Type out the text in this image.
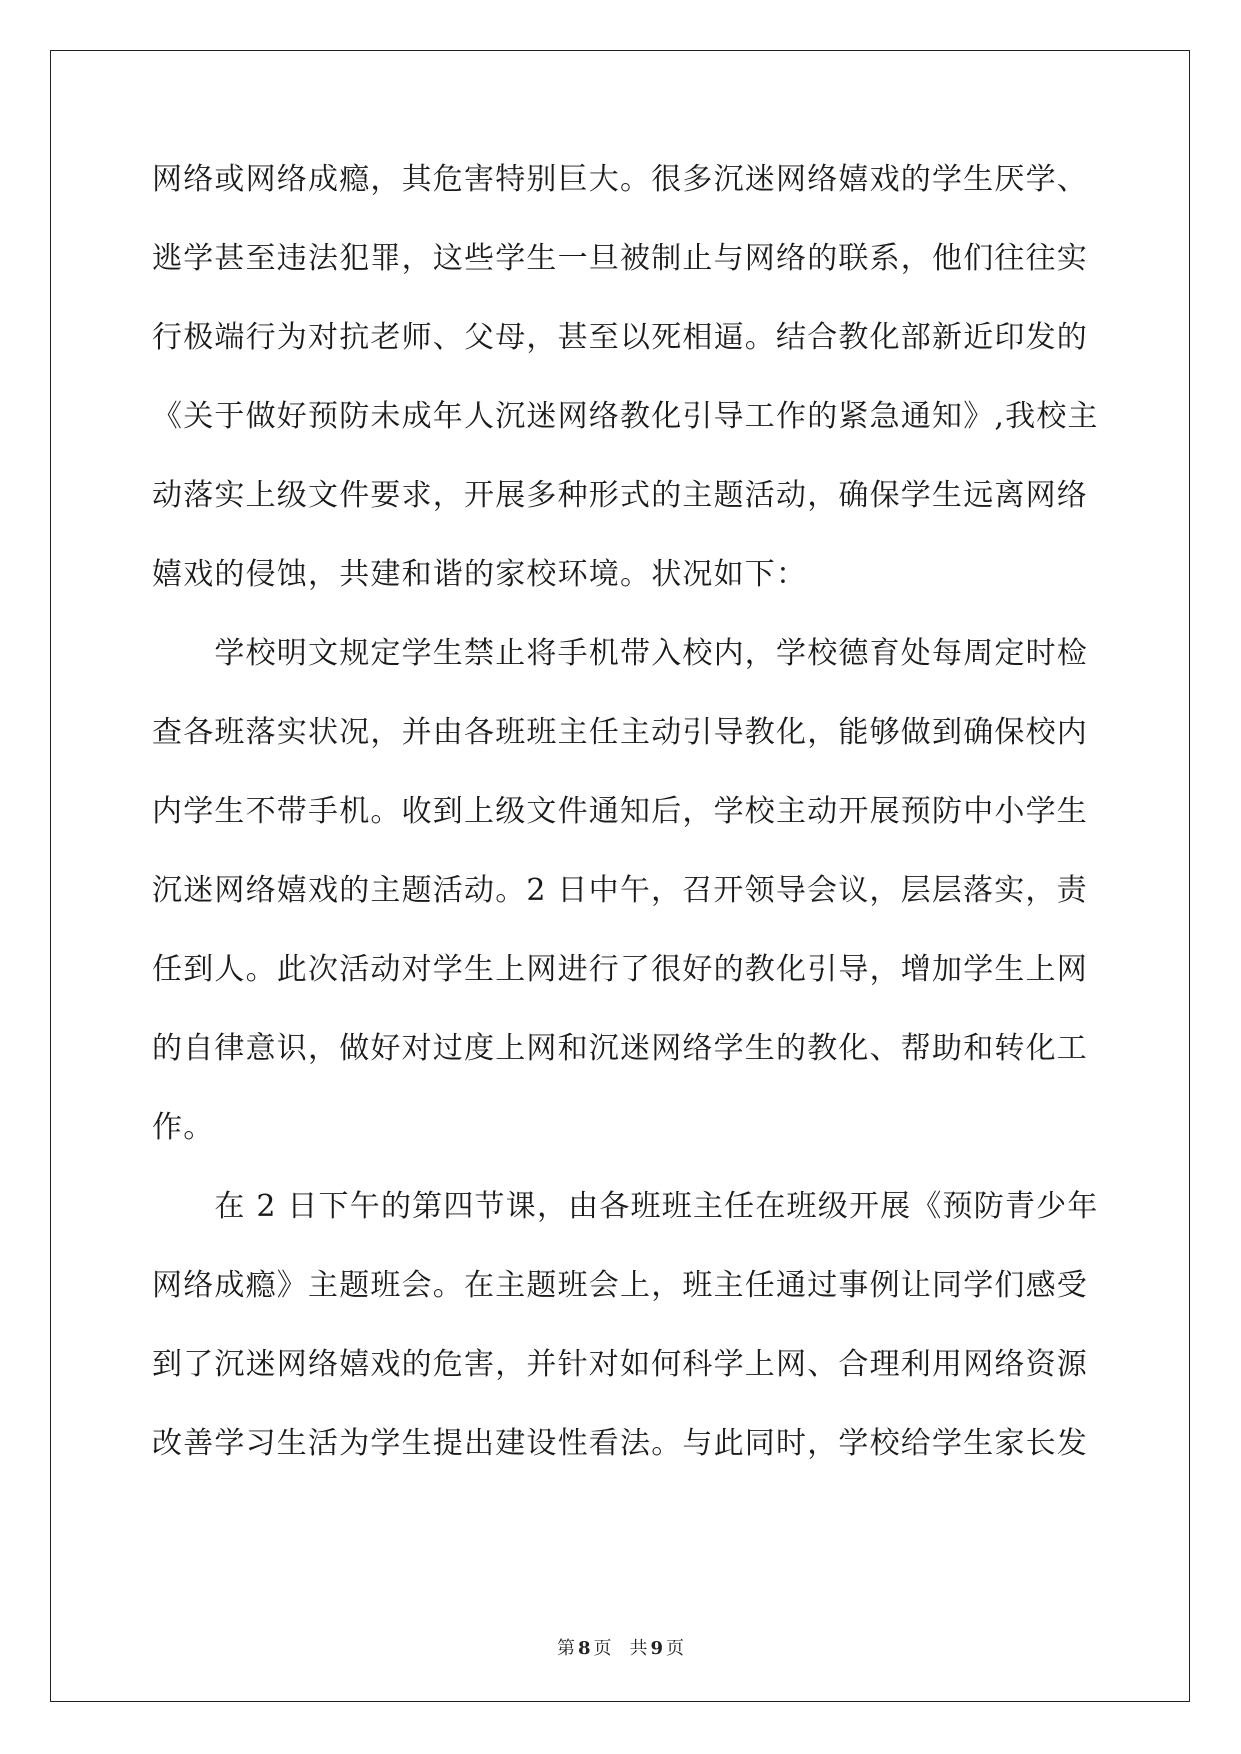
网络或网络成瘾，其危害特别巨大。很多沉迷网络嬉戏的学生厌学、
逃学甚至违法犯罪，这些学生一旦被制止与网络的联系，他们往往实
行极端行为对抗老师、父母，甚至以死相逼。结合教化部新近印发的
《关于做好预防未成年人沉迷网络教化引导工作的紧急通知》,我校主
动落实上级文件要求，开展多种形式的主题活动，确保学生远离网络
嬉戏的侵蚀，共建和谐的家校环境。状况如下：
　　学校明文规定学生禁止将手机带入校内，学校德育处每周定时检
查各班落实状况，并由各班班主任主动引导教化，能够做到确保校内
内学生不带手机。收到上级文件通知后，学校主动开展预防中小学生
沉迷网络嬉戏的主题活动。2 日中午，召开领导会议，层层落实，责
任到人。此次活动对学生上网进行了很好的教化引导，增加学生上网
的自律意识，做好对过度上网和沉迷网络学生的教化、帮助和转化工
作。
　　在 2 日下午的第四节课，由各班班主任在班级开展《预防青少年
网络成瘾》主题班会。在主题班会上，班主任通过事例让同学们感受
到了沉迷网络嬉戏的危害，并针对如何科学上网、合理利用网络资源
改善学习生活为学生提出建设性看法。与此同时，学校给学生家长发
第 8 页 共 9 页
